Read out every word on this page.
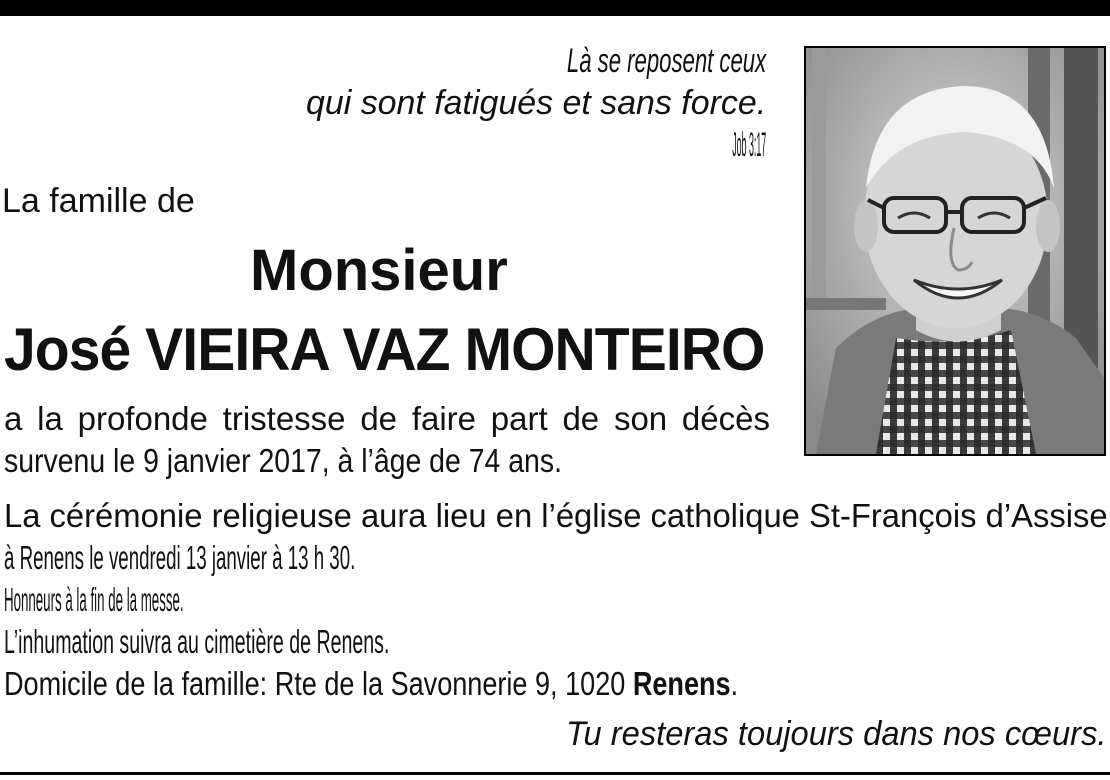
Là se reposent ceux
qui sont fatigués et sans force.
Job 3:17
La famille de
Monsieur
José VIEIRA VAZ MONTEIRO
a la profonde tristesse de faire part de son décès
survenu le 9 janvier 2017, à l’âge de 74 ans.
La cérémonie religieuse aura lieu en l’église catholique St-François d’Assise
à Renens le vendredi 13 janvier à 13 h 30.
Honneurs à la fin de la messe.
L’inhumation suivra au cimetière de Renens.
Domicile de la famille: Rte de la Savonnerie 9, 1020 Renens.
Tu resteras toujours dans nos cœurs.
